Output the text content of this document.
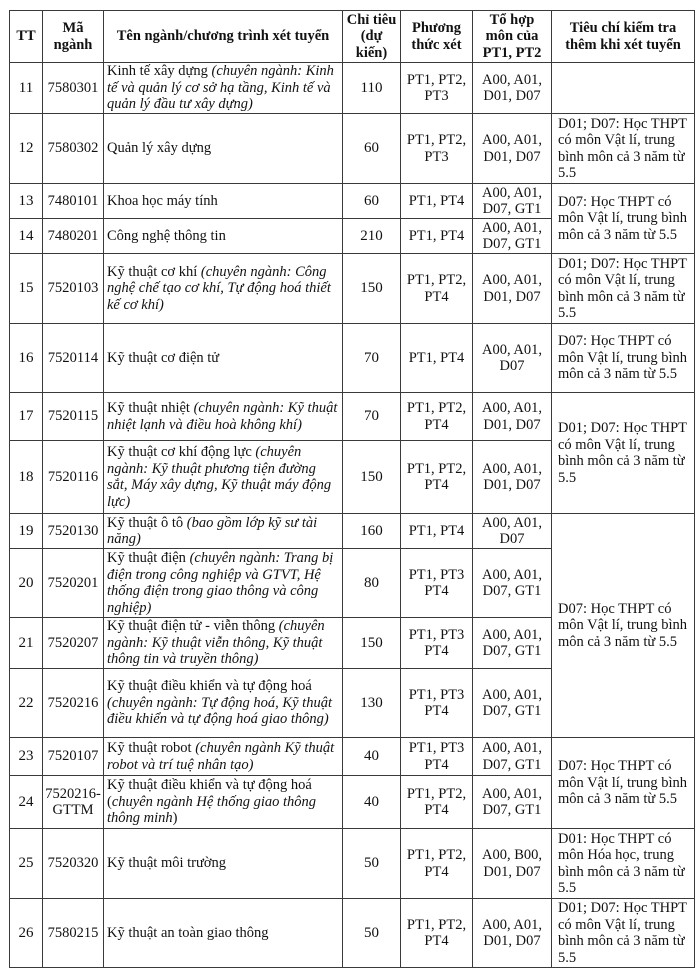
TT	Mã ngành	Tên ngành/chương trình xét tuyển	Chỉ tiêu (dự kiến)	Phương thức xét	Tổ hợp môn của PT1, PT2	Tiêu chí kiểm tra thêm khi xét tuyển
11	7580301	Kinh tế xây dựng (chuyên ngành: Kinh tế và quản lý cơ sở hạ tầng, Kinh tế và quản lý đầu tư xây dựng)	110	PT1, PT2, PT3	A00, A01, D01, D07	
12	7580302	Quản lý xây dựng	60	PT1, PT2, PT3	A00, A01, D01, D07	D01; D07: Học THPT có môn Vật lí, trung bình môn cả 3 năm từ 5.5
13	7480101	Khoa học máy tính	60	PT1, PT4	A00, A01, D07, GT1	D07: Học THPT có môn Vật lí, trung bình môn cả 3 năm từ 5.5
14	7480201	Công nghệ thông tin	210	PT1, PT4	A00, A01, D07, GT1	
15	7520103	Kỹ thuật cơ khí (chuyên ngành: Công nghệ chế tạo cơ khí, Tự động hoá thiết kế cơ khí)	150	PT1, PT2, PT4	A00, A01, D01, D07	D01; D07: Học THPT có môn Vật lí, trung bình môn cả 3 năm từ 5.5
16	7520114	Kỹ thuật cơ điện tử	70	PT1, PT4	A00, A01, D07	D07: Học THPT có môn Vật lí, trung bình môn cả 3 năm từ 5.5
17	7520115	Kỹ thuật nhiệt (chuyên ngành: Kỹ thuật nhiệt lạnh và điều hoà không khí)	70	PT1, PT2, PT4	A00, A01, D01, D07	D01; D07: Học THPT có môn Vật lí, trung bình môn cả 3 năm từ 5.5
18	7520116	Kỹ thuật cơ khí động lực (chuyên ngành: Kỹ thuật phương tiện đường sắt, Máy xây dựng, Kỹ thuật máy động lực)	150	PT1, PT2, PT4	A00, A01, D01, D07	
19	7520130	Kỹ thuật ô tô (bao gồm lớp kỹ sư tài năng)	160	PT1, PT4	A00, A01, D07	D07: Học THPT có môn Vật lí, trung bình môn cả 3 năm từ 5.5
20	7520201	Kỹ thuật điện (chuyên ngành: Trang bị điện trong công nghiệp và GTVT, Hệ thống điện trong giao thông và công nghiệp)	80	PT1, PT3 PT4	A00, A01, D07, GT1	
21	7520207	Kỹ thuật điện tử - viễn thông (chuyên ngành: Kỹ thuật viễn thông, Kỹ thuật thông tin và truyền thông)	150	PT1, PT3 PT4	A00, A01, D07, GT1	
22	7520216	Kỹ thuật điều khiển và tự động hoá (chuyên ngành: Tự động hoá, Kỹ thuật điều khiển và tự động hoá giao thông)	130	PT1, PT3 PT4	A00, A01, D07, GT1	
23	7520107	Kỹ thuật robot (chuyên ngành Kỹ thuật robot và trí tuệ nhân tạo)	40	PT1, PT3 PT4	A00, A01, D07, GT1	D07: Học THPT có môn Vật lí, trung bình môn cả 3 năm từ 5.5
24	7520216-GTTM	Kỹ thuật điều khiển và tự động hoá (chuyên ngành Hệ thống giao thông thông minh)	40	PT1, PT2, PT4	A00, A01, D07, GT1	
25	7520320	Kỹ thuật môi trường	50	PT1, PT2, PT4	A00, B00, D01, D07	D01: Học THPT có môn Hóa học, trung bình môn cả 3 năm từ 5.5
26	7580215	Kỹ thuật an toàn giao thông	50	PT1, PT2, PT4	A00, A01, D01, D07	D01; D07: Học THPT có môn Vật lí, trung bình môn cả 3 năm từ 5.5
